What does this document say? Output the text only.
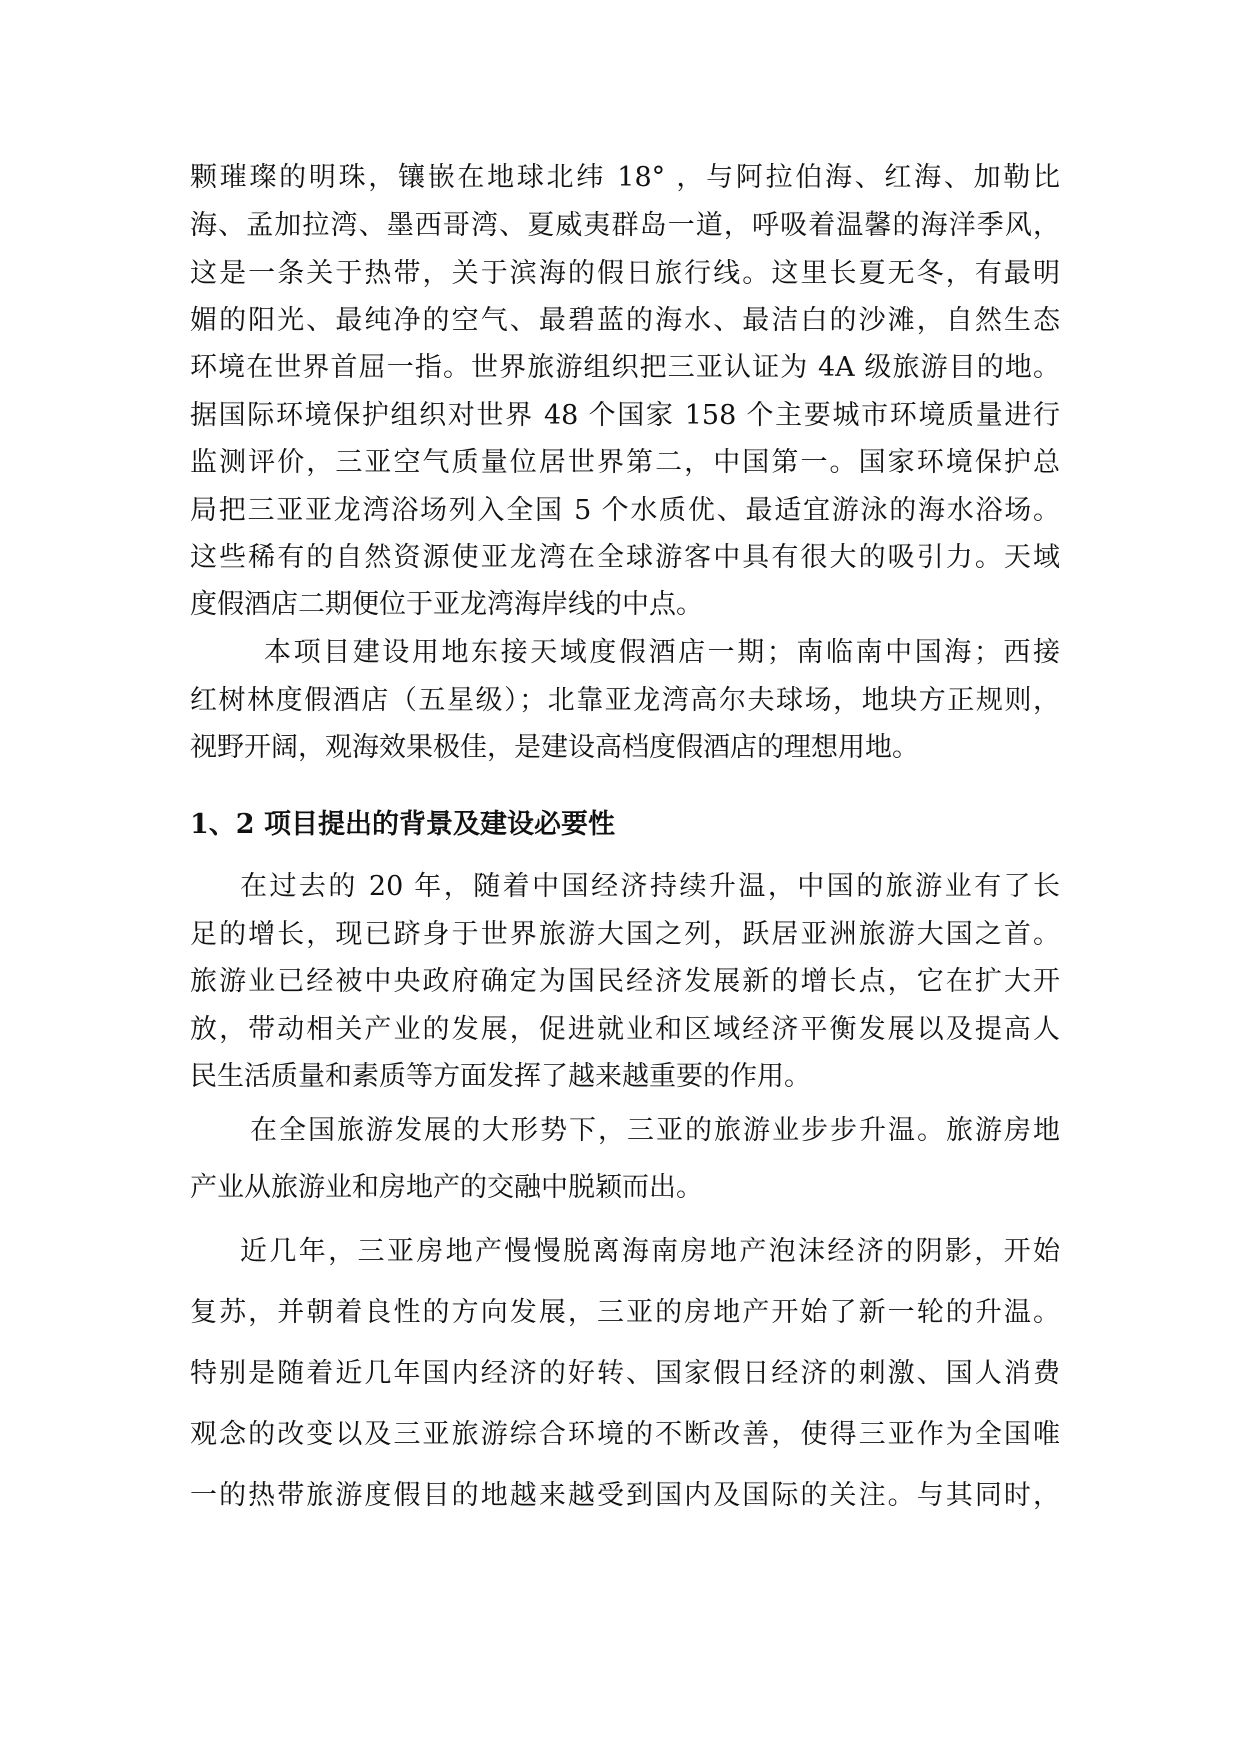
颗璀璨的明珠，镶嵌在地球北纬 18° ，与阿拉伯海、红海、加勒比
海、孟加拉湾、墨西哥湾、夏威夷群岛一道，呼吸着温馨的海洋季风，
这是一条关于热带，关于滨海的假日旅行线。这里长夏无冬，有最明
媚的阳光、最纯净的空气、最碧蓝的海水、最洁白的沙滩，自然生态
环境在世界首屈一指。世界旅游组织把三亚认证为 4A 级旅游目的地。
据国际环境保护组织对世界 48 个国家 158 个主要城市环境质量进行
监测评价，三亚空气质量位居世界第二，中国第一。国家环境保护总
局把三亚亚龙湾浴场列入全国 5 个水质优、最适宜游泳的海水浴场。
这些稀有的自然资源使亚龙湾在全球游客中具有很大的吸引力。天域
度假酒店二期便位于亚龙湾海岸线的中点。
本项目建设用地东接天域度假酒店一期；南临南中国海；西接
红树林度假酒店（五星级）；北靠亚龙湾高尔夫球场，地块方正规则，
视野开阔，观海效果极佳，是建设高档度假酒店的理想用地。
1、2 项目提出的背景及建设必要性
在过去的 20 年，随着中国经济持续升温，中国的旅游业有了长
足的增长，现已跻身于世界旅游大国之列，跃居亚洲旅游大国之首。
旅游业已经被中央政府确定为国民经济发展新的增长点，它在扩大开
放，带动相关产业的发展，促进就业和区域经济平衡发展以及提高人
民生活质量和素质等方面发挥了越来越重要的作用。
在全国旅游发展的大形势下，三亚的旅游业步步升温。旅游房地
产业从旅游业和房地产的交融中脱颖而出。
近几年，三亚房地产慢慢脱离海南房地产泡沫经济的阴影，开始
复苏，并朝着良性的方向发展，三亚的房地产开始了新一轮的升温。
特别是随着近几年国内经济的好转、国家假日经济的刺激、国人消费
观念的改变以及三亚旅游综合环境的不断改善，使得三亚作为全国唯
一的热带旅游度假目的地越来越受到国内及国际的关注。与其同时，
